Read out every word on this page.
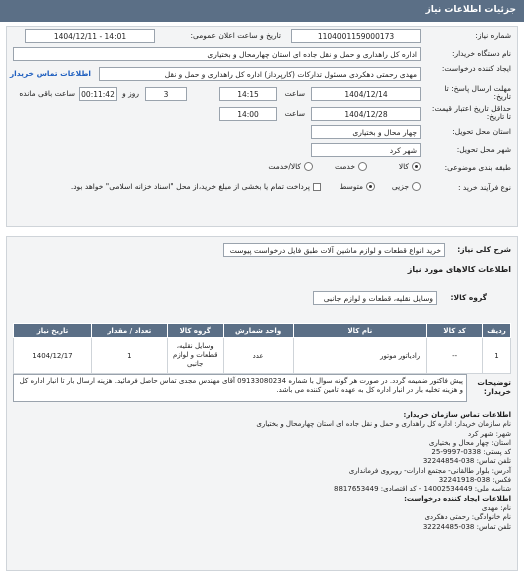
جزئیات اطلاعات نیاز
شماره نیاز:
1104001159000173
تاریخ و ساعت اعلان عمومی:
1404/12/11 - 14:01
نام دستگاه خریدار:
اداره کل راهداری و حمل و نقل جاده ای استان چهارمحال و بختیاری
ایجاد کننده درخواست:
مهدی رحمتی دهکردی مسئول تدارکات (کارپرداز) اداره کل راهداری و حمل و نقل
اطلاعات تماس خریدار
مهلت ارسال پاسخ: تا تاریخ:
1404/12/14
ساعت
14:15
3
روز و
00:11:42
ساعت باقی مانده
حداقل تاریخ اعتبار قیمت: تا تاریخ:
1404/12/28
ساعت
14:00
استان محل تحویل:
چهار محال و بختیاری
شهر محل تحویل:
شهر کرد
طبقه بندی موضوعی:
کالا
خدمت
کالا/خدمت
نوع فرآیند خرید :
جزیی
متوسط
پرداخت تمام یا بخشی از مبلغ خرید،از محل "اسناد خزانه اسلامی" خواهد بود.
شرح کلی نیاز:
خرید انواع قطعات و لوازم ماشین آلات طبق فایل درخواست پیوست
اطلاعات کالاهای مورد نیاز
گروه کالا:
وسایل نقلیه، قطعات و لوازم جانبی
ردیف	کد کالا	نام کالا	واحد شمارش	گروه کالا	تعداد / مقدار	تاریخ نیاز
1	--	رادیاتور موتور	عدد	وسایل نقلیه، قطعات و لوازم جانبی	1	1404/12/17
توضیحات خریدار:
پیش فاکتور ضمیمه گردد. در صورت هر گونه سوال با شماره 09133080234 آقای مهندس مجدی تماس حاصل فرمائید. هزینه ارسال بار تا انبار اداره کل و هزینه تخلیه بار در انبار اداره کل به عهده تامین کننده می باشد.
اطلاعات تماس سازمان خریدار:
نام سازمان خریدار: اداره کل راهداری و حمل و نقل جاده ای استان چهارمحال و بختیاری
شهر: شهر کرد
استان: چهار محال و بختیاری
کد پستی: 0338-9997-25
تلفن تماس: 038-32244854
آدرس: بلوار طالقانی- مجتمع ادارات- روبروی فرمانداری
فکس: 038-32241918
شناسه ملی: 14002534449 - کد اقتصادی: 8817653449
اطلاعات ایجاد کننده درخواست:
نام: مهدی
نام خانوادگی: رحمتی دهکردی
تلفن تماس: 038-32224485
